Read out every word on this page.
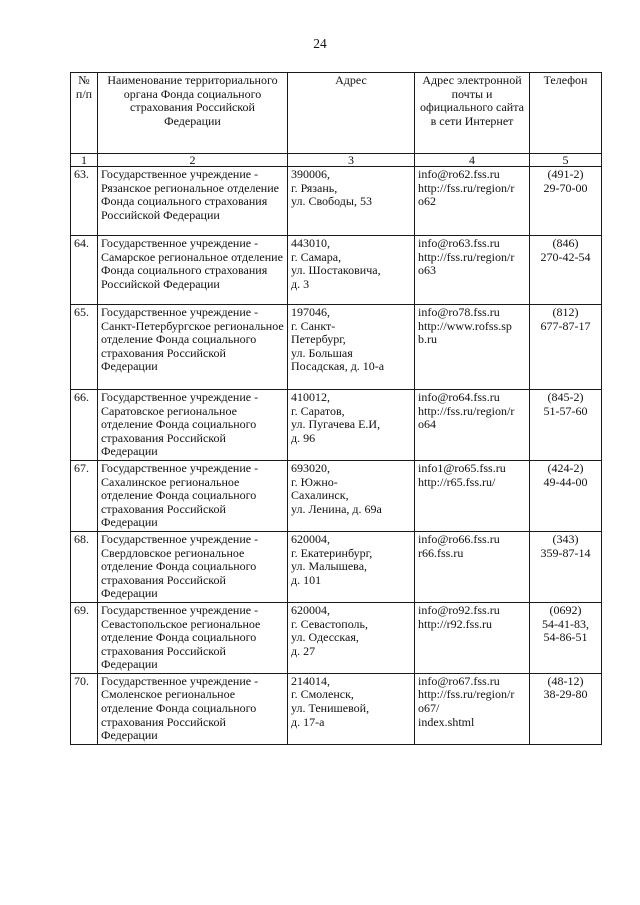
24
№ п/п	Наименование территориального органа Фонда социального страхования Российской Федерации	Адрес	Адрес электронной почты и официального сайта в сети Интернет	Телефон
1	2	3	4	5
63.	Государственное учреждение - Рязанское региональное отделение Фонда социального страхования Российской Федерации	390006,
г. Рязань,
ул. Свободы, 53	info@ro62.fss.ru
http://fss.ru/region/r
o62	(491-2)
29-70-00

64.	Государственное учреждение - Самарское региональное отделение Фонда социального страхования Российской Федерации	443010,
г. Самара,
ул. Шостаковича,
д. 3	info@ro63.fss.ru
http://fss.ru/region/r
o63	(846)
270-42-54

65.	Государственное учреждение - Санкт-Петербургское региональное отделение Фонда социального страхования Российской Федерации	197046,
г. Санкт-
Петербург,
ул. Большая
Посадская, д. 10-а	info@ro78.fss.ru
http://www.rofss.sp
b.ru	(812)
677-87-17

66.	Государственное учреждение - Саратовское региональное отделение Фонда социального страхования Российской Федерации	410012,
г. Саратов,
ул. Пугачева Е.И,
д. 96	info@ro64.fss.ru
http://fss.ru/region/r
o64	(845-2)
51-57-60

67.	Государственное учреждение - Сахалинское региональное отделение Фонда социального страхования Российской Федерации	693020,
г. Южно-
Сахалинск,
ул. Ленина, д. 69а	info1@ro65.fss.ru
http://r65.fss.ru/	(424-2)
49-44-00

68.	Государственное учреждение - Свердловское региональное отделение Фонда социального страхования Российской Федерации	620004,
г. Екатеринбург,
ул. Малышева,
д. 101	info@ro66.fss.ru
r66.fss.ru	(343)
359-87-14

69.	Государственное учреждение - Севастопольское региональное отделение Фонда социального страхования Российской Федерации	620004,
г. Севастополь,
ул. Одесская,
д. 27	info@ro92.fss.ru
http://r92.fss.ru	(0692)
54-41-83,
54-86-51

70.	Государственное учреждение - Смоленское региональное отделение Фонда социального страхования Российской Федерации	214014,
г. Смоленск,
ул. Тенишевой,
д. 17-а	info@ro67.fss.ru
http://fss.ru/region/r
o67/
index.shtml	(48-12)
38-29-80
